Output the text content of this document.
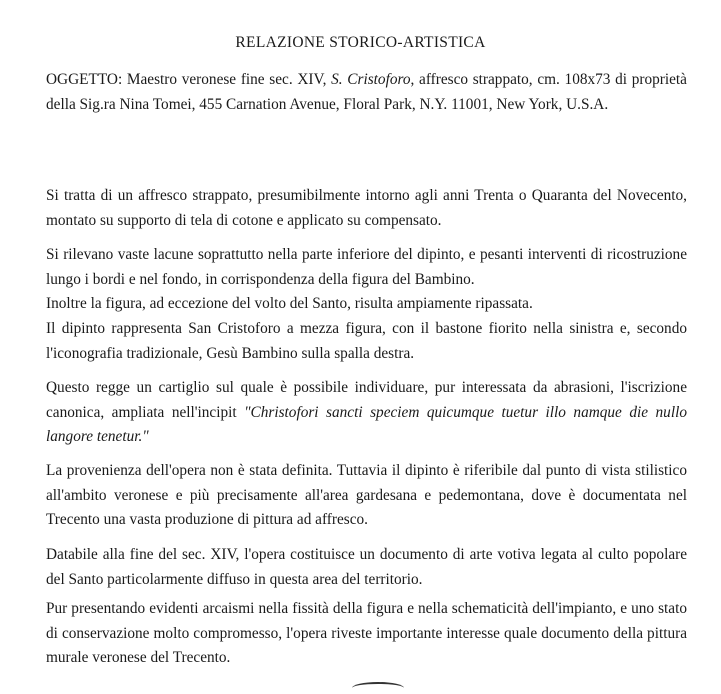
RELAZIONE STORICO-ARTISTICA

OGGETTO: Maestro veronese fine sec. XIV, S. Cristoforo, affresco strappato, cm. 108x73 di proprietà della Sig.ra Nina Tomei, 455 Carnation Avenue, Floral Park, N.Y. 11001, New York, U.S.A.

Si tratta di un affresco strappato, presumibilmente intorno agli anni Trenta o Quaranta del Novecento, montato su supporto di tela di cotone e applicato su compensato.

Si rilevano vaste lacune soprattutto nella parte inferiore del dipinto, e pesanti interventi di ricostruzione lungo i bordi e nel fondo, in corrispondenza della figura del Bambino.

Inoltre la figura, ad eccezione del volto del Santo, risulta ampiamente ripassata.

Il dipinto rappresenta San Cristoforo a mezza figura, con il bastone fiorito nella sinistra e, secondo l'iconografia tradizionale, Gesù Bambino sulla spalla destra.

Questo regge un cartiglio sul quale è possibile individuare, pur interessata da abrasioni, l'iscrizione canonica, ampliata nell'incipit "Christofori sancti speciem quicumque tuetur illo namque die nullo langore tenetur."

La provenienza dell'opera non è stata definita. Tuttavia il dipinto è riferibile dal punto di vista stilistico all'ambito veronese e più precisamente all'area gardesana e pedemontana, dove è documentata nel Trecento una vasta produzione di pittura ad affresco.

Databile alla fine del sec. XIV, l'opera costituisce un documento di arte votiva legata al culto popolare del Santo particolarmente diffuso in questa area del territorio.

Pur presentando evidenti arcaismi nella fissità della figura e nella schematicità dell'impianto, e uno stato di conservazione molto compromesso, l'opera riveste importante interesse quale documento della pittura murale veronese del Trecento.
